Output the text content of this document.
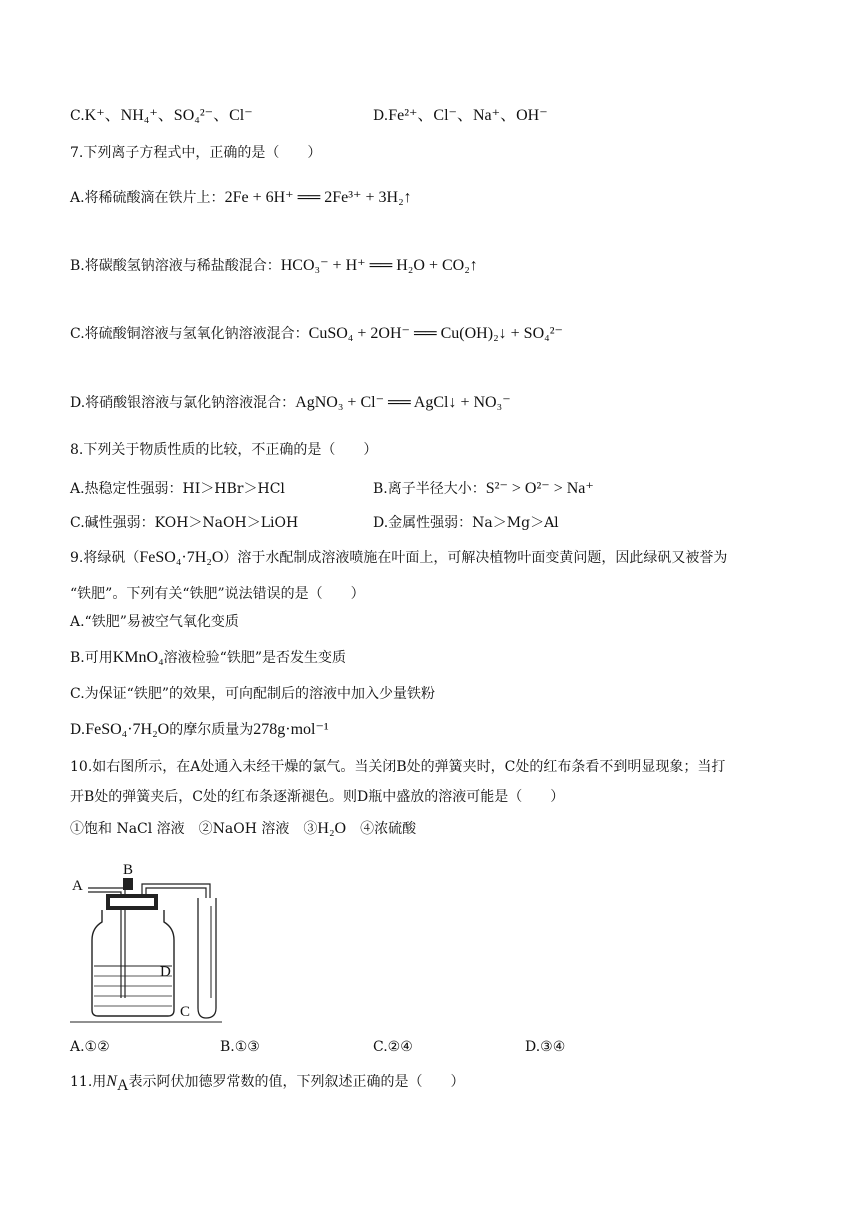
C.K⁺、NH₄⁺、SO₄²⁻、Cl⁻	D.Fe²⁺、Cl⁻、Na⁺、OH⁻
7.下列离子方程式中，正确的是（　　）
A.将稀硫酸滴在铁片上：2Fe + 6H⁺ ══ 2Fe³⁺ + 3H₂↑
B.将碳酸氢钠溶液与稀盐酸混合：HCO₃⁻ + H⁺ ══ H₂O + CO₂↑
C.将硫酸铜溶液与氢氧化钠溶液混合：CuSO₄ + 2OH⁻ ══ Cu(OH)₂↓ + SO₄²⁻
D.将硝酸银溶液与氯化钠溶液混合：AgNO₃ + Cl⁻ ══ AgCl↓ + NO₃⁻
8.下列关于物质性质的比较，不正确的是（　　）
A.热稳定性强弱：HI＞HBr＞HCl	B.离子半径大小：S²⁻ > O²⁻ > Na⁺
C.碱性强弱：KOH＞NaOH＞LiOH	D.金属性强弱：Na＞Mg＞Al
9.将绿矾（FeSO₄·7H₂O）溶于水配制成溶液喷施在叶面上，可解决植物叶面变黄问题，因此绿矾又被誉为
“铁肥”。下列有关“铁肥”说法错误的是（　　）
A.“铁肥”易被空气氧化变质
B.可用KMnO₄溶液检验“铁肥”是否发生变质
C.为保证“铁肥”的效果，可向配制后的溶液中加入少量铁粉
D.FeSO₄·7H₂O的摩尔质量为278g·mol⁻¹
10.如右图所示，在A处通入未经干燥的氯气。当关闭B处的弹簧夹时，C处的红布条看不到明显现象；当打
开B处的弹簧夹后，C处的红布条逐渐褪色。则D瓶中盛放的溶液可能是（　　）
①饱和 NaCl 溶液　②NaOH 溶液　③H₂O　④浓硫酸
A
B
D
C
A.①②	B.①③	C.②④	D.③④
11.用$N_A$表示阿伏加德罗常数的值，下列叙述正确的是（　　）
